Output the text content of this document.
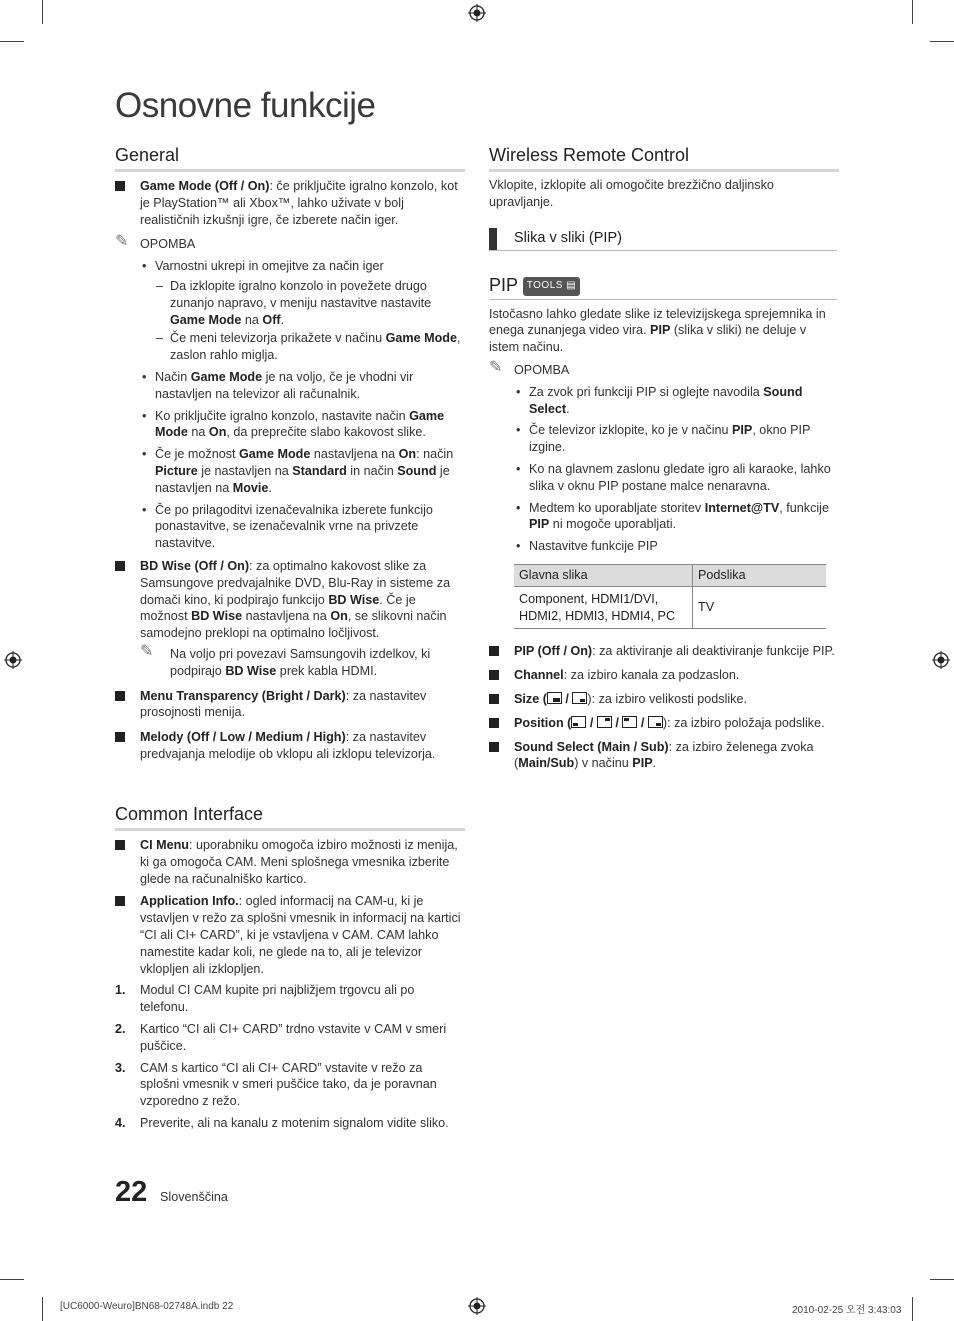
Osnovne funkcije
General
Game Mode (Off / On): če priključite igralno konzolo, kot je PlayStation™ ali Xbox™, lahko uživate v bolj realističnih izkušnji igre, če izberete način iger.
✎ OPOMBA
• Varnostni ukrepi in omejitve za način iger
– Da izklopite igralno konzolo in povežete drugo zunanjo napravo, v meniju nastavitve nastavite Game Mode na Off.
– Če meni televizorja prikažete v načinu Game Mode, zaslon rahlo miglja.
• Način Game Mode je na voljo, če je vhodni vir nastavljen na televizor ali računalnik.
• Ko priključite igralno konzolo, nastavite način Game Mode na On, da preprečite slabo kakovost slike.
• Če je možnost Game Mode nastavljena na On: način Picture je nastavljen na Standard in način Sound je nastavljen na Movie.
• Če po prilagoditvi izenačevalnika izberete funkcijo ponastavitve, se izenačevalnik vrne na privzete nastavitve.
BD Wise (Off / On): za optimalno kakovost slike za Samsungove predvajalnike DVD, Blu-Ray in sisteme za domači kino, ki podpirajo funkcijo BD Wise. Če je možnost BD Wise nastavljena na On, se slikovni način samodejno preklopi na optimalno ločljivost.
✎ Na voljo pri povezavi Samsungovih izdelkov, ki podpirajo BD Wise prek kabla HDMI.
Menu Transparency (Bright / Dark): za nastavitev prosojnosti menija.
Melody (Off / Low / Medium / High): za nastavitev predvajanja melodije ob vklopu ali izklopu televizorja.
Common Interface
CI Menu: uporabniku omogoča izbiro možnosti iz menija, ki ga omogoča CAM. Meni splošnega vmesnika izberite glede na računalniško kartico.
Application Info.: ogled informacij na CAM-u, ki je vstavljen v režo za splošni vmesnik in informacij na kartici “CI ali CI+ CARD”, ki je vstavljena v CAM. CAM lahko namestite kadar koli, ne glede na to, ali je televizor vklopljen ali izklopljen.
1. Modul CI CAM kupite pri najbližjem trgovcu ali po telefonu.
2. Kartico “CI ali CI+ CARD” trdno vstavite v CAM v smeri puščice.
3. CAM s kartico “CI ali CI+ CARD” vstavite v režo za splošni vmesnik v smeri puščice tako, da je poravnan vzporedno z režo.
4. Preverite, ali na kanalu z motenim signalom vidite sliko.
Wireless Remote Control
Vklopite, izklopite ali omogočite brezžično daljinsko upravljanje.
Slika v sliki (PIP)
PIP TOOLS ▤
Istočasno lahko gledate slike iz televizijskega sprejemnika in enega zunanjega video vira. PIP (slika v sliki) ne deluje v istem načinu.
✎ OPOMBA
• Za zvok pri funkciji PIP si oglejte navodila Sound Select.
• Če televizor izklopite, ko je v načinu PIP, okno PIP izgine.
• Ko na glavnem zaslonu gledate igro ali karaoke, lahko slika v oknu PIP postane malce nenaravna.
• Medtem ko uporabljate storitev Internet@TV, funkcije PIP ni mogoče uporabljati.
• Nastavitve funkcije PIP
Glavna slika	Podslika
Component, HDMI1/DVI, HDMI2, HDMI3, HDMI4, PC	TV
PIP (Off / On): za aktiviranje ali deaktiviranje funkcije PIP.
Channel: za izbiro kanala za podzaslon.
Size ( / ): za izbiro velikosti podslike.
Position ( / / / ): za izbiro položaja podslike.
Sound Select (Main / Sub): za izbiro želenega zvoka (Main/Sub) v načinu PIP.
22 Slovenščina
[UC6000-Weuro]BN68-02748A.indb 22	2010-02-25 오전 3:43:03
